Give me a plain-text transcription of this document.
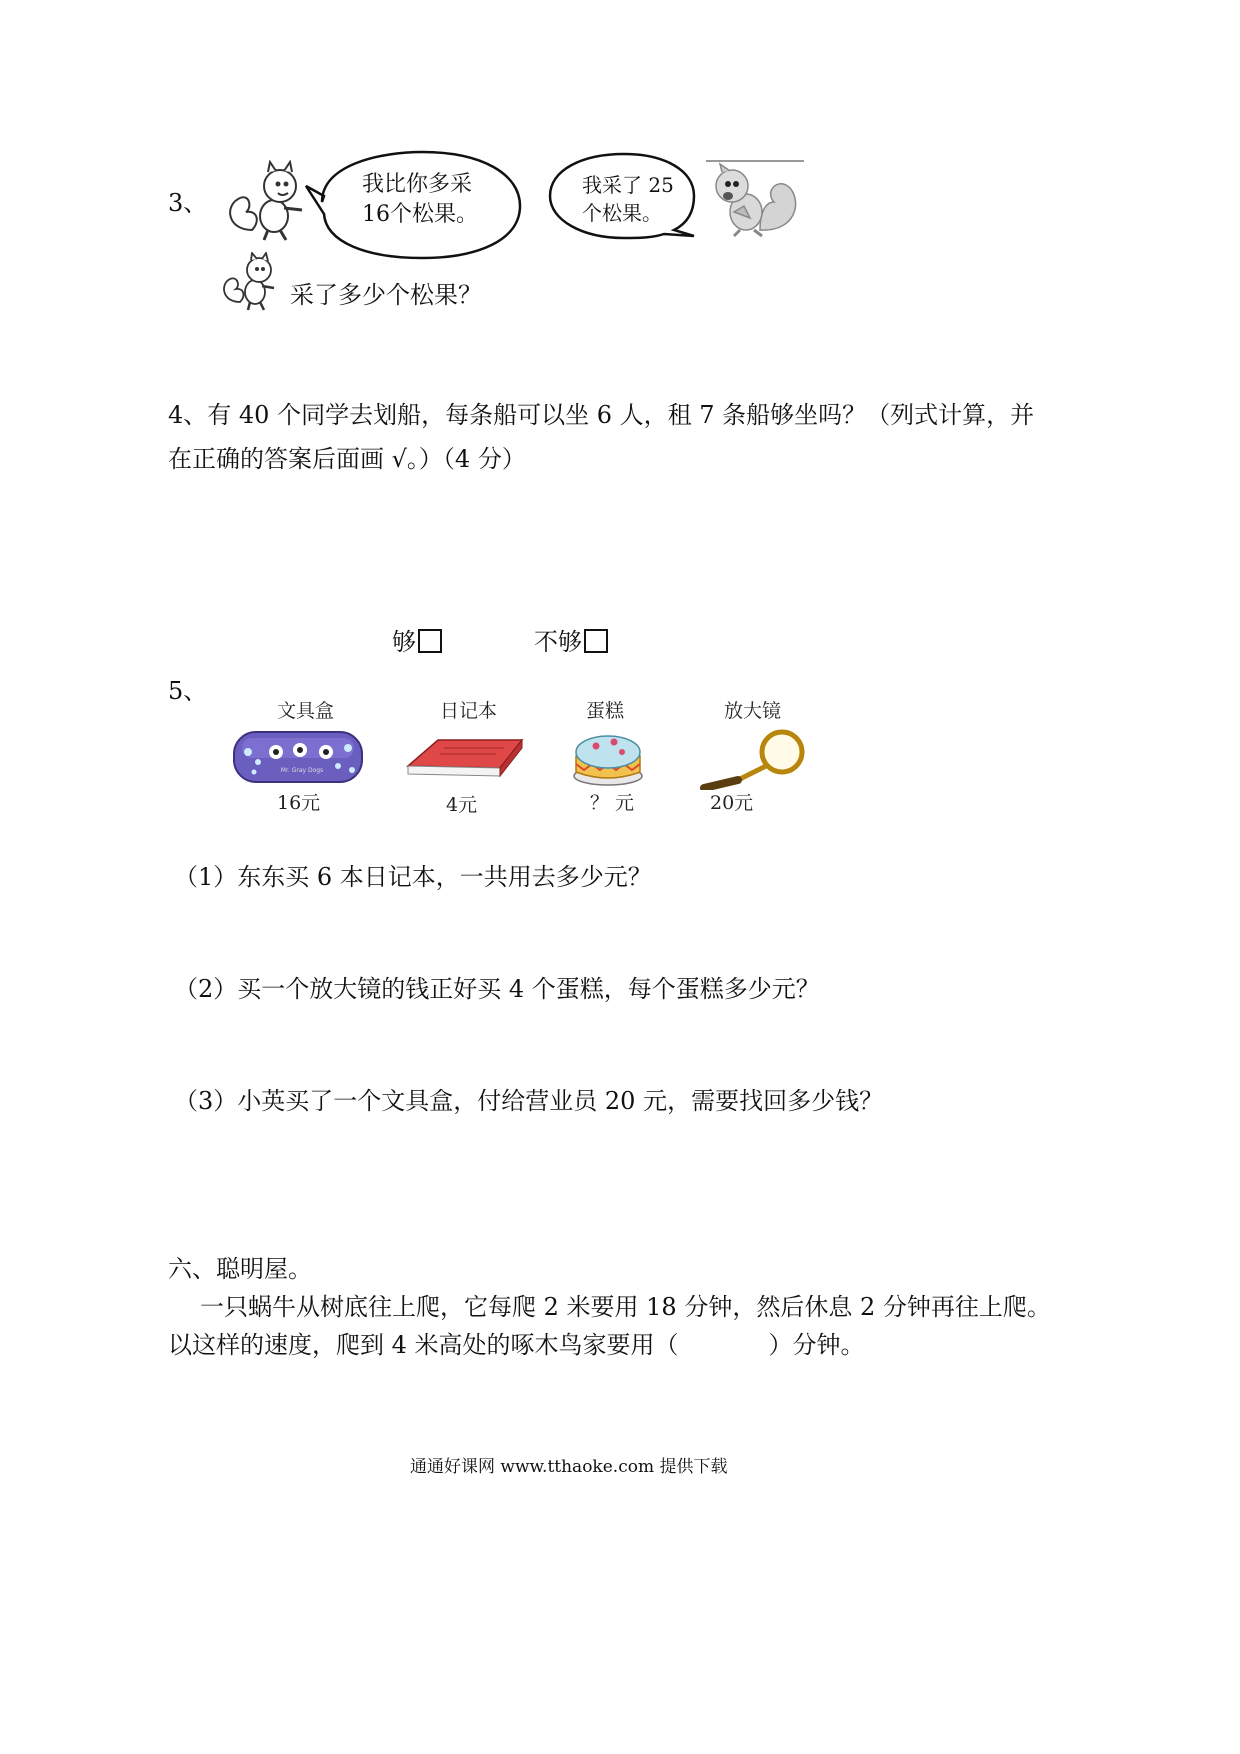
3、
我比你多采
16个松果。
我采了 25
个松果。
采了多少个松果？
4、有 40 个同学去划船，每条船可以坐 6 人，租 7 条船够坐吗？（列式计算，并
在正确的答案后面画 √。）（4 分）
够	不够
5、
文具盒	日记本	蛋糕	放大镜
Mr. Gray Dogs
16元	4元	？ 元	20元
（1）东东买 6 本日记本，一共用去多少元？
（2）买一个放大镜的钱正好买 4 个蛋糕，每个蛋糕多少元？
（3）小英买了一个文具盒，付给营业员 20 元，需要找回多少钱？
六、聪明屋。
一只蜗牛从树底往上爬，它每爬 2 米要用 18 分钟，然后休息 2 分钟再往上爬。
以这样的速度，爬到 4 米高处的啄木鸟家要用（	）分钟。
通通好课网 www.tthaoke.com 提供下载
